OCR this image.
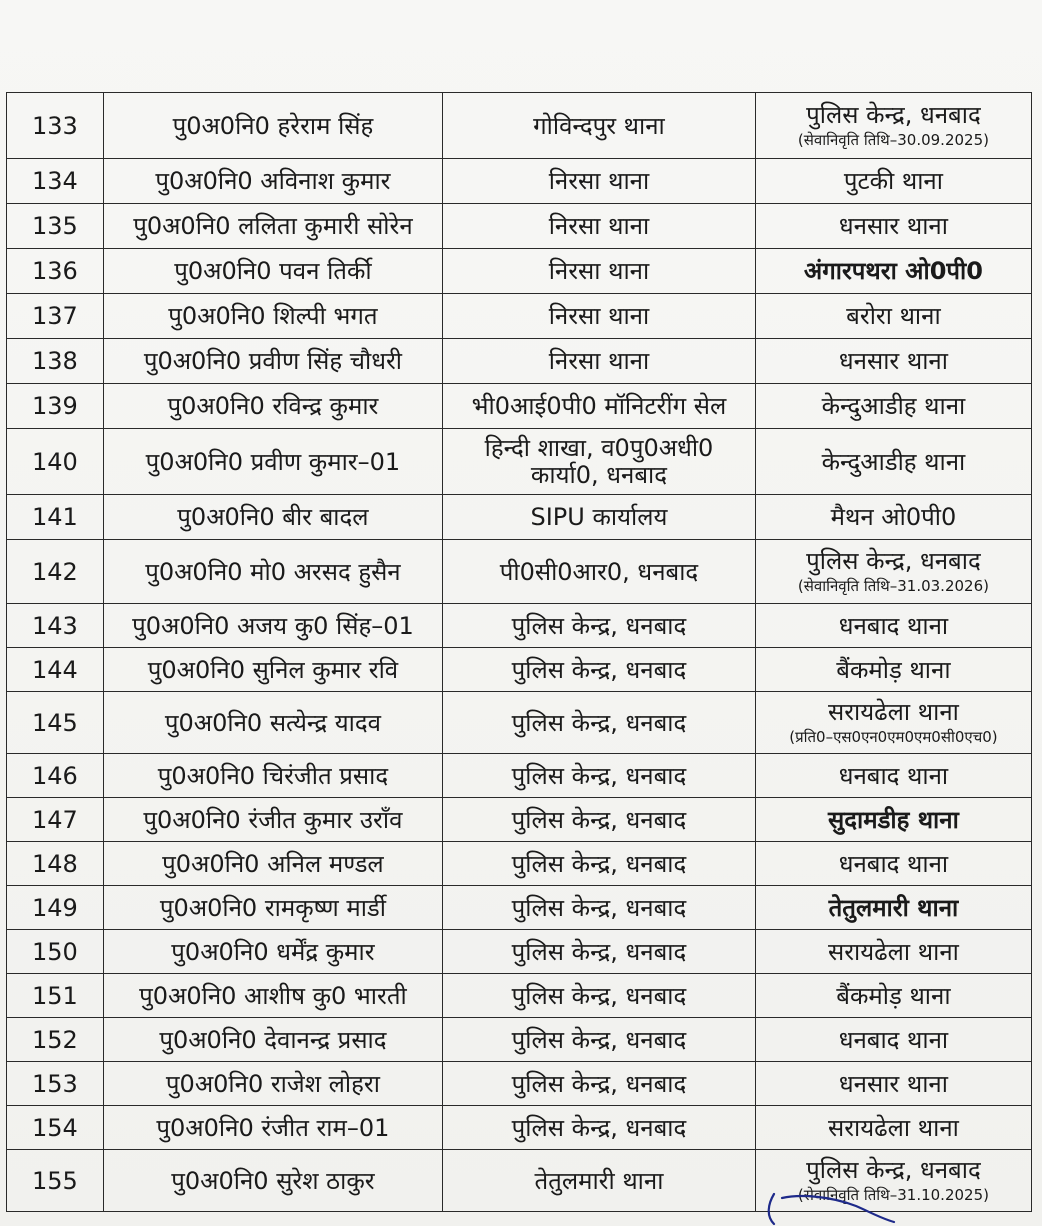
133	पु0अ0नि0 हरेराम सिंह	गोविन्दपुर थाना	पुलिस केन्द्र, धनबाद
(सेवानिवृति तिथि–30.09.2025)

134	पु0अ0नि0 अविनाश कुमार	निरसा थाना	पुटकी थाना
135	पु0अ0नि0 ललिता कुमारी सोरेन	निरसा थाना	धनसार थाना
136	पु0अ0नि0 पवन तिर्की	निरसा थाना	अंगारपथरा ओ0पी0
137	पु0अ0नि0 शिल्पी भगत	निरसा थाना	बरोरा थाना
138	पु0अ0नि0 प्रवीण सिंह चौधरी	निरसा थाना	धनसार थाना
139	पु0अ0नि0 रविन्द्र कुमार	भी0आई0पी0 मॉनिटरींग सेल	केन्दुआडीह थाना
140	पु0अ0नि0 प्रवीण कुमार–01	हिन्दी शाखा, व0पु0अधी0 कार्या0, धनबाद	केन्दुआडीह थाना
141	पु0अ0नि0 बीर बादल	SIPU कार्यालय	मैथन ओ0पी0
142	पु0अ0नि0 मो0 अरसद हुसैन	पी0सी0आर0, धनबाद	पुलिस केन्द्र, धनबाद
(सेवानिवृति तिथि–31.03.2026)

143	पु0अ0नि0 अजय कु0 सिंह–01	पुलिस केन्द्र, धनबाद	धनबाद थाना
144	पु0अ0नि0 सुनिल कुमार रवि	पुलिस केन्द्र, धनबाद	बैंकमोड़ थाना
145	पु0अ0नि0 सत्येन्द्र यादव	पुलिस केन्द्र, धनबाद	सरायढेला थाना
(प्रति0–एस0एन0एम0एम0सी0एच0)

146	पु0अ0नि0 चिरंजीत प्रसाद	पुलिस केन्द्र, धनबाद	धनबाद थाना
147	पु0अ0नि0 रंजीत कुमार उराँव	पुलिस केन्द्र, धनबाद	सुदामडीह थाना
148	पु0अ0नि0 अनिल मण्डल	पुलिस केन्द्र, धनबाद	धनबाद थाना
149	पु0अ0नि0 रामकृष्ण मार्डी	पुलिस केन्द्र, धनबाद	तेतुलमारी थाना
150	पु0अ0नि0 धर्मेंद्र कुमार	पुलिस केन्द्र, धनबाद	सरायढेला थाना
151	पु0अ0नि0 आशीष कु0 भारती	पुलिस केन्द्र, धनबाद	बैंकमोड़ थाना
152	पु0अ0नि0 देवानन्द्र प्रसाद	पुलिस केन्द्र, धनबाद	धनबाद थाना
153	पु0अ0नि0 राजेश लोहरा	पुलिस केन्द्र, धनबाद	धनसार थाना
154	पु0अ0नि0 रंजीत राम–01	पुलिस केन्द्र, धनबाद	सरायढेला थाना
155	पु0अ0नि0 सुरेश ठाकुर	तेतुलमारी थाना	पुलिस केन्द्र, धनबाद
(सेवानिवृति तिथि–31.10.2025)
